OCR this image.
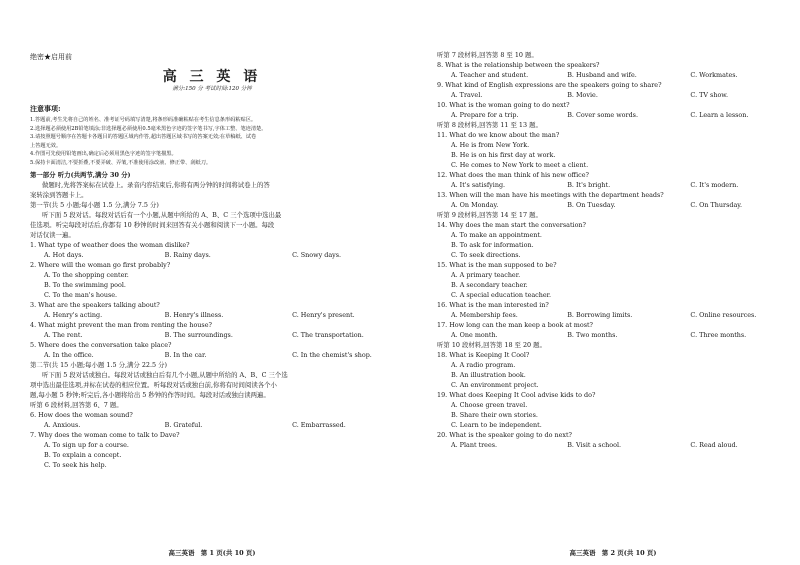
绝密★启用前
高 三 英 语
满分:150 分 考试时间:120 分钟
注意事项:
1.答题前,考生先将自己的姓名、准考证号码填写清楚,将条形码准确粘贴在考生信息条形码粘贴区。
2.选择题必须使用2B铅笔填涂;非选择题必须使用0.5毫米黑色字迹的签字笔书写,字体工整、笔迹清楚。
3.请按照题号顺序在答题卡各题目的答题区域内作答,超出答题区域书写的答案无效;在草稿纸、试卷
上答题无效。
4.作图可先使用铅笔画出,确定后必须用黑色字迹的签字笔描黑。
5.保持卡面清洁,不要折叠,不要弄破、弄皱,不准使用涂改液、修正带、刮纸刀。
第一部分 听力(共两节,满分 30 分)
做题时,先将答案标在试卷上。录音内容结束后,你将有两分钟的时间将试卷上的答
案转涂到答题卡上。
第一节(共 5 小题;每小题 1.5 分,满分 7.5 分)
听下面 5 段对话。每段对话后有一个小题,从题中所给的 A、B、C 三个选项中选出最
佳选项。听完每段对话后,你都有 10 秒钟的时间来回答有关小题和阅读下一小题。每段
对话仅读一遍。
1. What type of weather does the woman dislike?
A. Hot days.	B. Rainy days.	C. Snowy days.
2. Where will the woman go first probably?
A. To the shopping center.
B. To the swimming pool.
C. To the man's house.
3. What are the speakers talking about?
A. Henry's acting.	B. Henry's illness.	C. Henry's present.
4. What might prevent the man from renting the house?
A. The rent.	B. The surroundings.	C. The transportation.
5. Where does the conversation take place?
A. In the office.	B. In the car.	C. In the chemist's shop.
第二节(共 15 小题;每小题 1.5 分,满分 22.5 分)
听下面 5 段对话或独白。每段对话或独白后有几个小题,从题中所给的 A、B、C 三个选
项中选出最佳选项,并标在试卷的相应位置。听每段对话或独白前,你将有时间阅读各个小
题,每小题 5 秒钟;听完后,各小题将给出 5 秒钟的作答时间。每段对话或独白读两遍。
听第 6 段材料,回答第 6、7 题。
6. How does the woman sound?
A. Anxious.	B. Grateful.	C. Embarrassed.
7. Why does the woman come to talk to Dave?
A. To sign up for a course.
B. To explain a concept.
C. To seek his help.
高三英语 第 1 页(共 10 页)
听第 7 段材料,回答第 8 至 10 题。
8. What is the relationship between the speakers?
A. Teacher and student.	B. Husband and wife.	C. Workmates.
9. What kind of English expressions are the speakers going to share?
A. Travel.	B. Movie.	C. TV show.
10. What is the woman going to do next?
A. Prepare for a trip.	B. Cover some words.	C. Learn a lesson.
听第 8 段材料,回答第 11 至 13 题。
11. What do we know about the man?
A. He is from New York.
B. He is on his first day at work.
C. He comes to New York to meet a client.
12. What does the man think of his new office?
A. It's satisfying.	B. It's bright.	C. It's modern.
13. When will the man have his meetings with the department heads?
A. On Monday.	B. On Tuesday.	C. On Thursday.
听第 9 段材料,回答第 14 至 17 题。
14. Why does the man start the conversation?
A. To make an appointment.
B. To ask for information.
C. To seek directions.
15. What is the man supposed to be?
A. A primary teacher.
B. A secondary teacher.
C. A special education teacher.
16. What is the man interested in?
A. Membership fees.	B. Borrowing limits.	C. Online resources.
17. How long can the man keep a book at most?
A. One month.	B. Two months.	C. Three months.
听第 10 段材料,回答第 18 至 20 题。
18. What is Keeping It Cool?
A. A radio program.
B. An illustration book.
C. An environment project.
19. What does Keeping It Cool advise kids to do?
A. Choose green travel.
B. Share their own stories.
C. Learn to be independent.
20. What is the speaker going to do next?
A. Plant trees.	B. Visit a school.	C. Read aloud.
高三英语 第 2 页(共 10 页)
